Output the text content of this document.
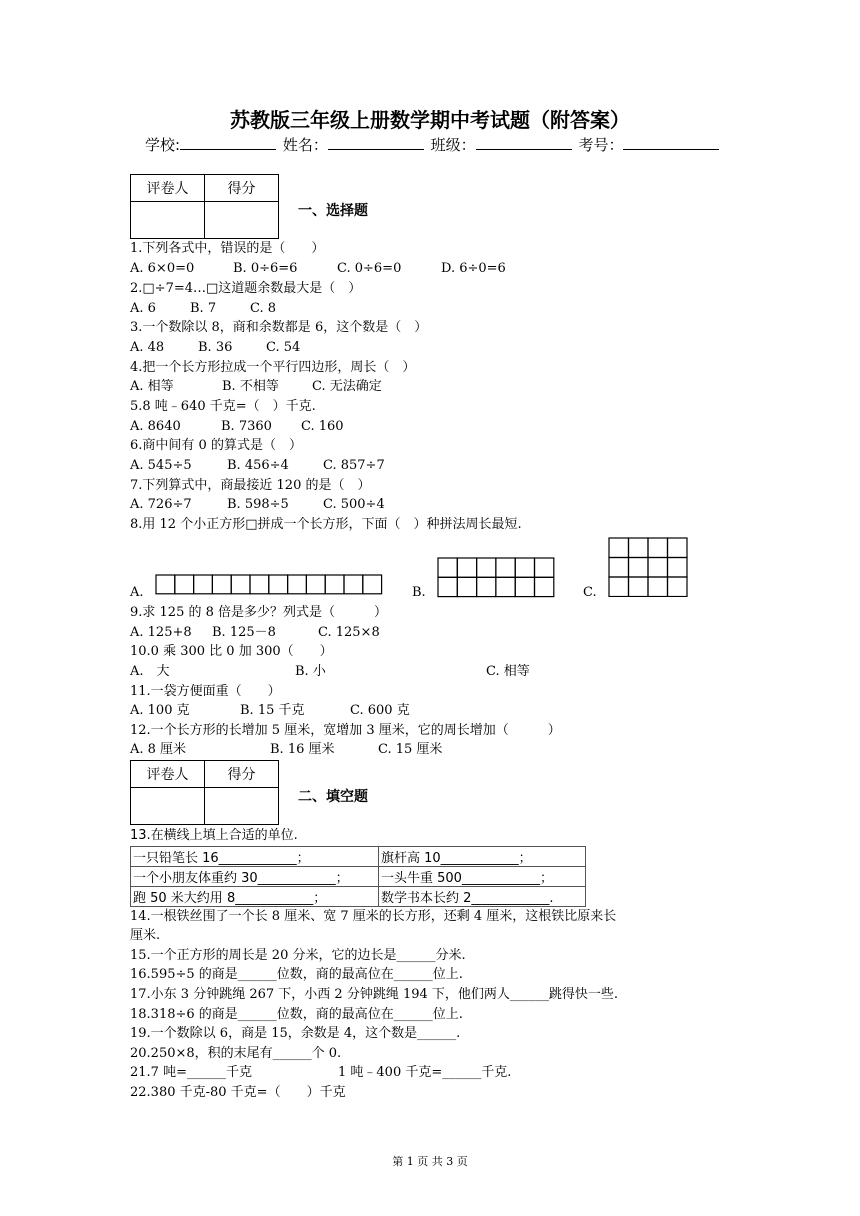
苏教版三年级上册数学期中考试题（附答案）
学校:	姓名：	班级：	考号：
评卷人	得分

一、选择题
1.下列各式中，错误的是（　　）
A. 6×0=0	B. 0÷6=6	C. 0÷6=0	D. 6÷0=6
2.□÷7=4…□这道题余数最大是（　）
A. 6	B. 7	C. 8
3.一个数除以 8，商和余数都是 6，这个数是（　）
A. 48	B. 36	C. 54
4.把一个长方形拉成一个平行四边形，周长（　）
A. 相等	B. 不相等	C. 无法确定
5.8 吨﹣640 千克=（　）千克.
A. 8640	B. 7360 C. 160
6.商中间有 0 的算式是（　）
A. 545÷5	B. 456÷4	C. 857÷7
7.下列算式中，商最接近 120 的是（　）
A. 726÷7	B. 598÷5	C. 500÷4
8.用 12 个小正方形□拼成一个长方形，下面（　）种拼法周长最短.
A.	B.	C.
9.求 125 的 8 倍是多少？列式是（　　　）
A. 125+8 B. 125－8	C. 125×8
10.0 乘 300 比 0 加 300（　　）
A.　大	B. 小	C. 相等
11.一袋方便面重（　　）
A. 100 克	B. 15 千克	C. 600 克
12.一个长方形的长增加 5 厘米，宽增加 3 厘米，它的周长增加（　　　）
A. 8 厘米	B. 16 厘米	C. 15 厘米
评卷人	得分

二、填空题
13.在横线上填上合适的单位.
一只铅笔长 16____________；	旗杆高 10____________；
一个小朋友体重约 30____________；	一头牛重 500____________；
跑 50 米大约用 8____________；	数学书本长约 2____________.
14.一根铁丝围了一个长 8 厘米、宽 7 厘米的长方形，还剩 4 厘米，这根铁比原来长
厘米.
15.一个正方形的周长是 20 分米，它的边长是______分米.
16.595÷5 的商是______位数，商的最高位在______位上.
17.小东 3 分钟跳绳 267 下，小西 2 分钟跳绳 194 下，他们两人______跳得快一些.
18.318÷6 的商是______位数，商的最高位在______位上.
19.一个数除以 6，商是 15，余数是 4，这个数是______.
20.250×8，积的末尾有______个 0.
21.7 吨=______千克	1 吨﹣400 千克=______千克.
22.380 千克-80 千克=（　　）千克
第 1 页 共 3 页
